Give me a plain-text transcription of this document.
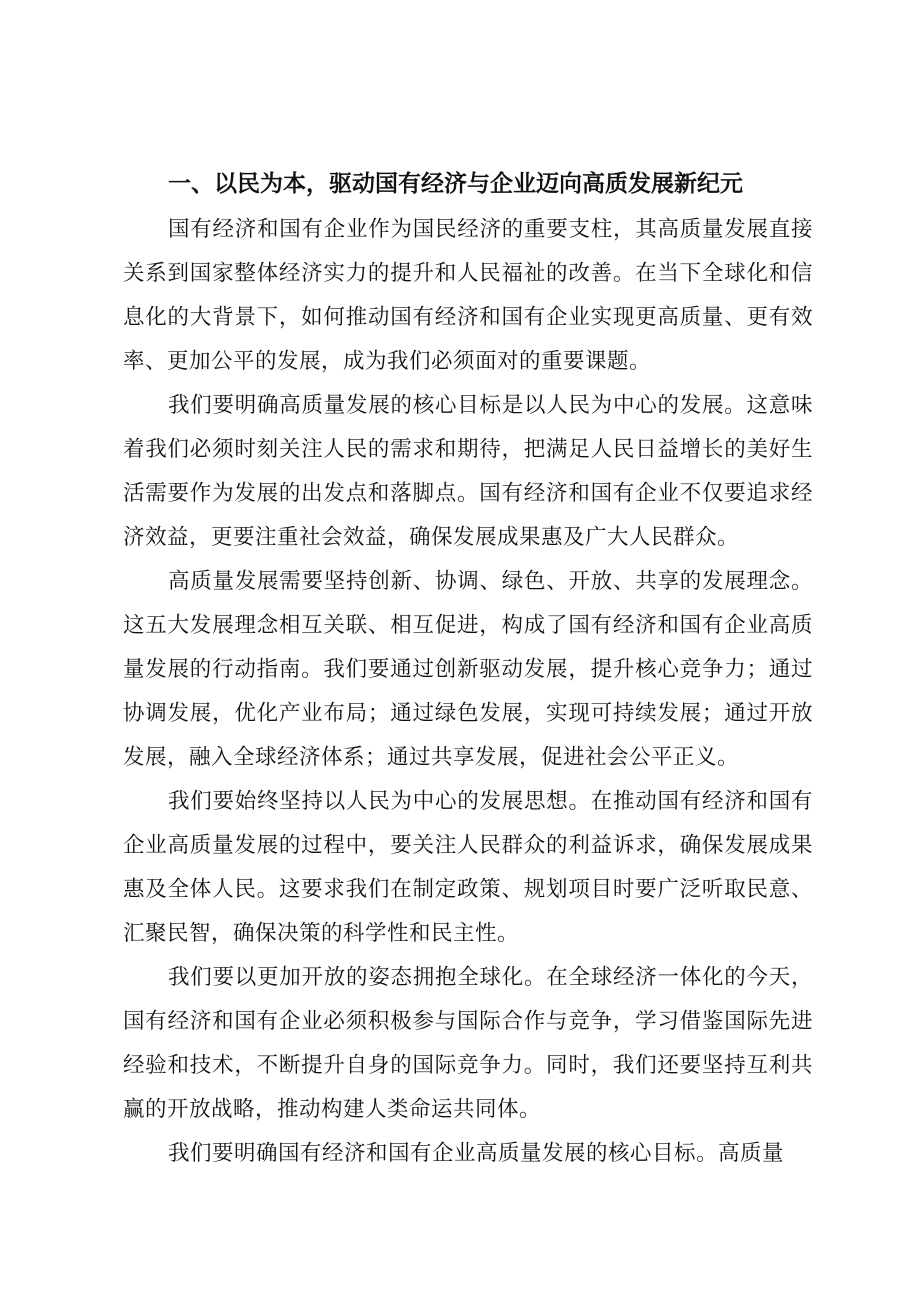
一、以民为本，驱动国有经济与企业迈向高质发展新纪元

国有经济和国有企业作为国民经济的重要支柱，其高质量发展直接关系到国家整体经济实力的提升和人民福祉的改善。在当下全球化和信息化的大背景下，如何推动国有经济和国有企业实现更高质量、更有效率、更加公平的发展，成为我们必须面对的重要课题。

我们要明确高质量发展的核心目标是以人民为中心的发展。这意味着我们必须时刻关注人民的需求和期待，把满足人民日益增长的美好生活需要作为发展的出发点和落脚点。国有经济和国有企业不仅要追求经济效益，更要注重社会效益，确保发展成果惠及广大人民群众。

高质量发展需要坚持创新、协调、绿色、开放、共享的发展理念。这五大发展理念相互关联、相互促进，构成了国有经济和国有企业高质量发展的行动指南。我们要通过创新驱动发展，提升核心竞争力；通过协调发展，优化产业布局；通过绿色发展，实现可持续发展；通过开放发展，融入全球经济体系；通过共享发展，促进社会公平正义。

我们要始终坚持以人民为中心的发展思想。在推动国有经济和国有企业高质量发展的过程中，要关注人民群众的利益诉求，确保发展成果惠及全体人民。这要求我们在制定政策、规划项目时要广泛听取民意、汇聚民智，确保决策的科学性和民主性。

我们要以更加开放的姿态拥抱全球化。在全球经济一体化的今天，国有经济和国有企业必须积极参与国际合作与竞争，学习借鉴国际先进经验和技术，不断提升自身的国际竞争力。同时，我们还要坚持互利共赢的开放战略，推动构建人类命运共同体。

我们要明确国有经济和国有企业高质量发展的核心目标。高质量
